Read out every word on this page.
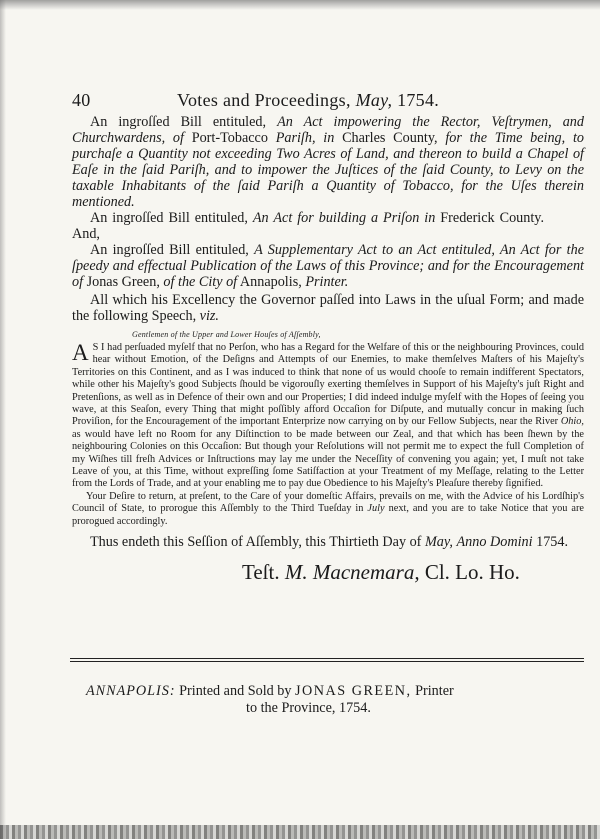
40	Votes and Proceedings, May, 1754.

An ingroſſed Bill entituled, An Act impowering the Rector, Veſtrymen, and Churchwardens, of Port-Tobacco Pariſh, in Charles County, for the Time being, to purchaſe a Quantity not exceeding Two Acres of Land, and thereon to build a Chapel of Eaſe in the ſaid Pariſh, and to impower the Juſtices of the ſaid County, to Levy on the taxable Inhabitants of the ſaid Pariſh a Quantity of Tobacco, for the Uſes therein mentioned.

An ingroſſed Bill entituled, An Act for building a Priſon in Frederick County.And,

An ingroſſed Bill entituled, A Supplementary Act to an Act entituled, An Act for the ſpeedy and effectual Publication of the Laws of this Province; and for the Encouragement of Jonas Green, of the City of Annapolis, Printer.

All which his Excellency the Governor paſſed into Laws in the uſual Form; and made the following Speech, viz.

Gentlemen of the Upper and Lower Houſes of Aſſembly,

A S I had perſuaded myſelf that no Perſon, who has a Regard for the Welfare of this or the neighbouring Provinces, could hear without Emotion, of the Deſigns and Attempts of our Enemies, to make themſelves Maſters of his Majeſty's Territories on this Continent, and as I was induced to think that none of us would chooſe to remain indifferent Spectators, while other his Majeſty's good Subjects ſhould be vigorouſly exerting themſelves in Support of his Majeſty's juſt Right and Pretenſions, as well as in Defence of their own and our Properties; I did indeed indulge myſelf with the Hopes of ſeeing you wave, at this Seaſon, every Thing that might poſſibly afford Occaſion for Diſpute, and mutually concur in making ſuch Proviſion, for the Encouragement of the important Enterprize now carrying on by our Fellow Subjects, near the River Ohio, as would have left no Room for any Diſtinction to be made between our Zeal, and that which has been ſhewn by the neighbouring Colonies on this Occaſion: But though your Reſolutions will not permit me to expect the full Completion of my Wiſhes till freſh Advices or Inſtructions may lay me under the Neceſſity of convening you again; yet, I muſt not take Leave of you, at this Time, without expreſſing ſome Satiſfaction at your Treatment of my Meſſage, relating to the Letter from the Lords of Trade, and at your enabling me to pay due Obedience to his Majeſty's Pleaſure thereby ſignified.

Your Deſire to return, at preſent, to the Care of your domeſtic Affairs, prevails on me, with the Advice of his Lordſhip's Council of State, to prorogue this Aſſembly to the Third Tueſday in July next, and you are to take Notice that you are prorogued accordingly.

Thus endeth this Seſſion of Aſſembly, this Thirtieth Day of May, Anno Domini 1754.

Teſt. M. Macnemara, Cl. Lo. Ho.
ANNAPOLIS: Printed and Sold by JONAS GREEN, Printer
to the Province, 1754.
